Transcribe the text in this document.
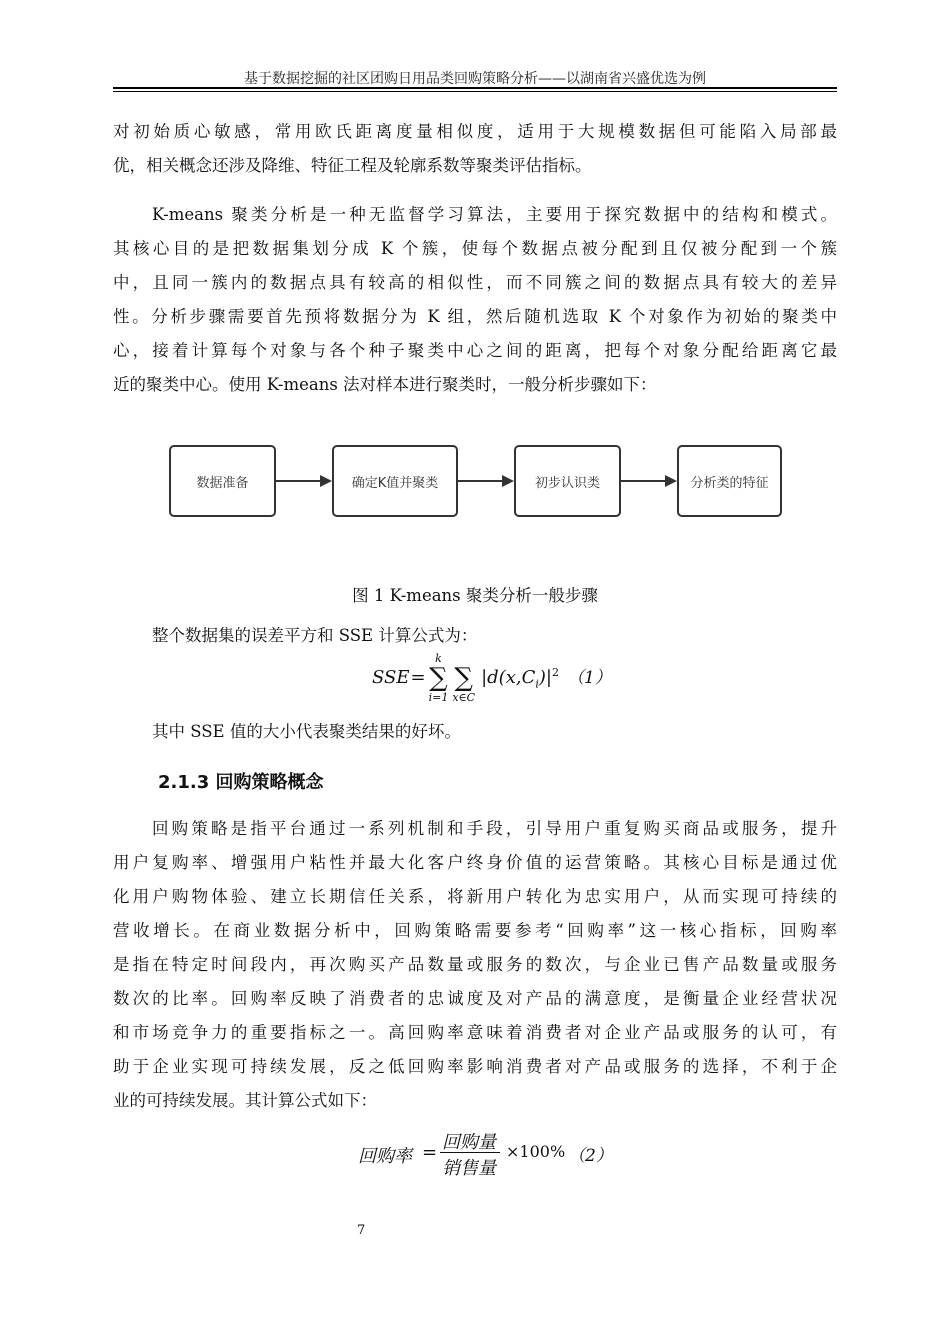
基于数据挖掘的社区团购日用品类回购策略分析——以湖南省兴盛优选为例
对初始质心敏感，常用欧氏距离度量相似度，适用于大规模数据但可能陷入局部最
优，相关概念还涉及降维、特征工程及轮廓系数等聚类评估指标。
K-means 聚类分析是一种无监督学习算法，主要用于探究数据中的结构和模式。
其核心目的是把数据集划分成 K 个簇，使每个数据点被分配到且仅被分配到一个簇
中，且同一簇内的数据点具有较高的相似性，而不同簇之间的数据点具有较大的差异
性。分析步骤需要首先预将数据分为 K 组，然后随机选取 K 个对象作为初始的聚类中
心，接着计算每个对象与各个种子聚类中心之间的距离，把每个对象分配给距离它最
近的聚类中心。使用 K-means 法对样本进行聚类时，一般分析步骤如下：
数据准备	确定K值并聚类	初步认识类	分析类的特征
图 1 K-means 聚类分析一般步骤
整个数据集的误差平方和 SSE 计算公式为：
SSE =
k
∑
i=1

∑
x∈C
$|d(x,C_i)|^2$ （1）
其中 SSE 值的大小代表聚类结果的好坏。
2.1.3 回购策略概念
回购策略是指平台通过一系列机制和手段，引导用户重复购买商品或服务，提升
用户复购率、增强用户粘性并最大化客户终身价值的运营策略。其核心目标是通过优
化用户购物体验、建立长期信任关系，将新用户转化为忠实用户，从而实现可持续的
营收增长。在商业数据分析中，回购策略需要参考“回购率”这一核心指标，回购率
是指在特定时间段内，再次购买产品数量或服务的数次，与企业已售产品数量或服务
数次的比率。回购率反映了消费者的忠诚度及对产品的满意度，是衡量企业经营状况
和市场竞争力的重要指标之一。高回购率意味着消费者对企业产品或服务的认可，有
助于企业实现可持续发展，反之低回购率影响消费者对产品或服务的选择，不利于企
业的可持续发展。其计算公式如下：
回购率 = 回购量
销售量
×100% （2）
7
